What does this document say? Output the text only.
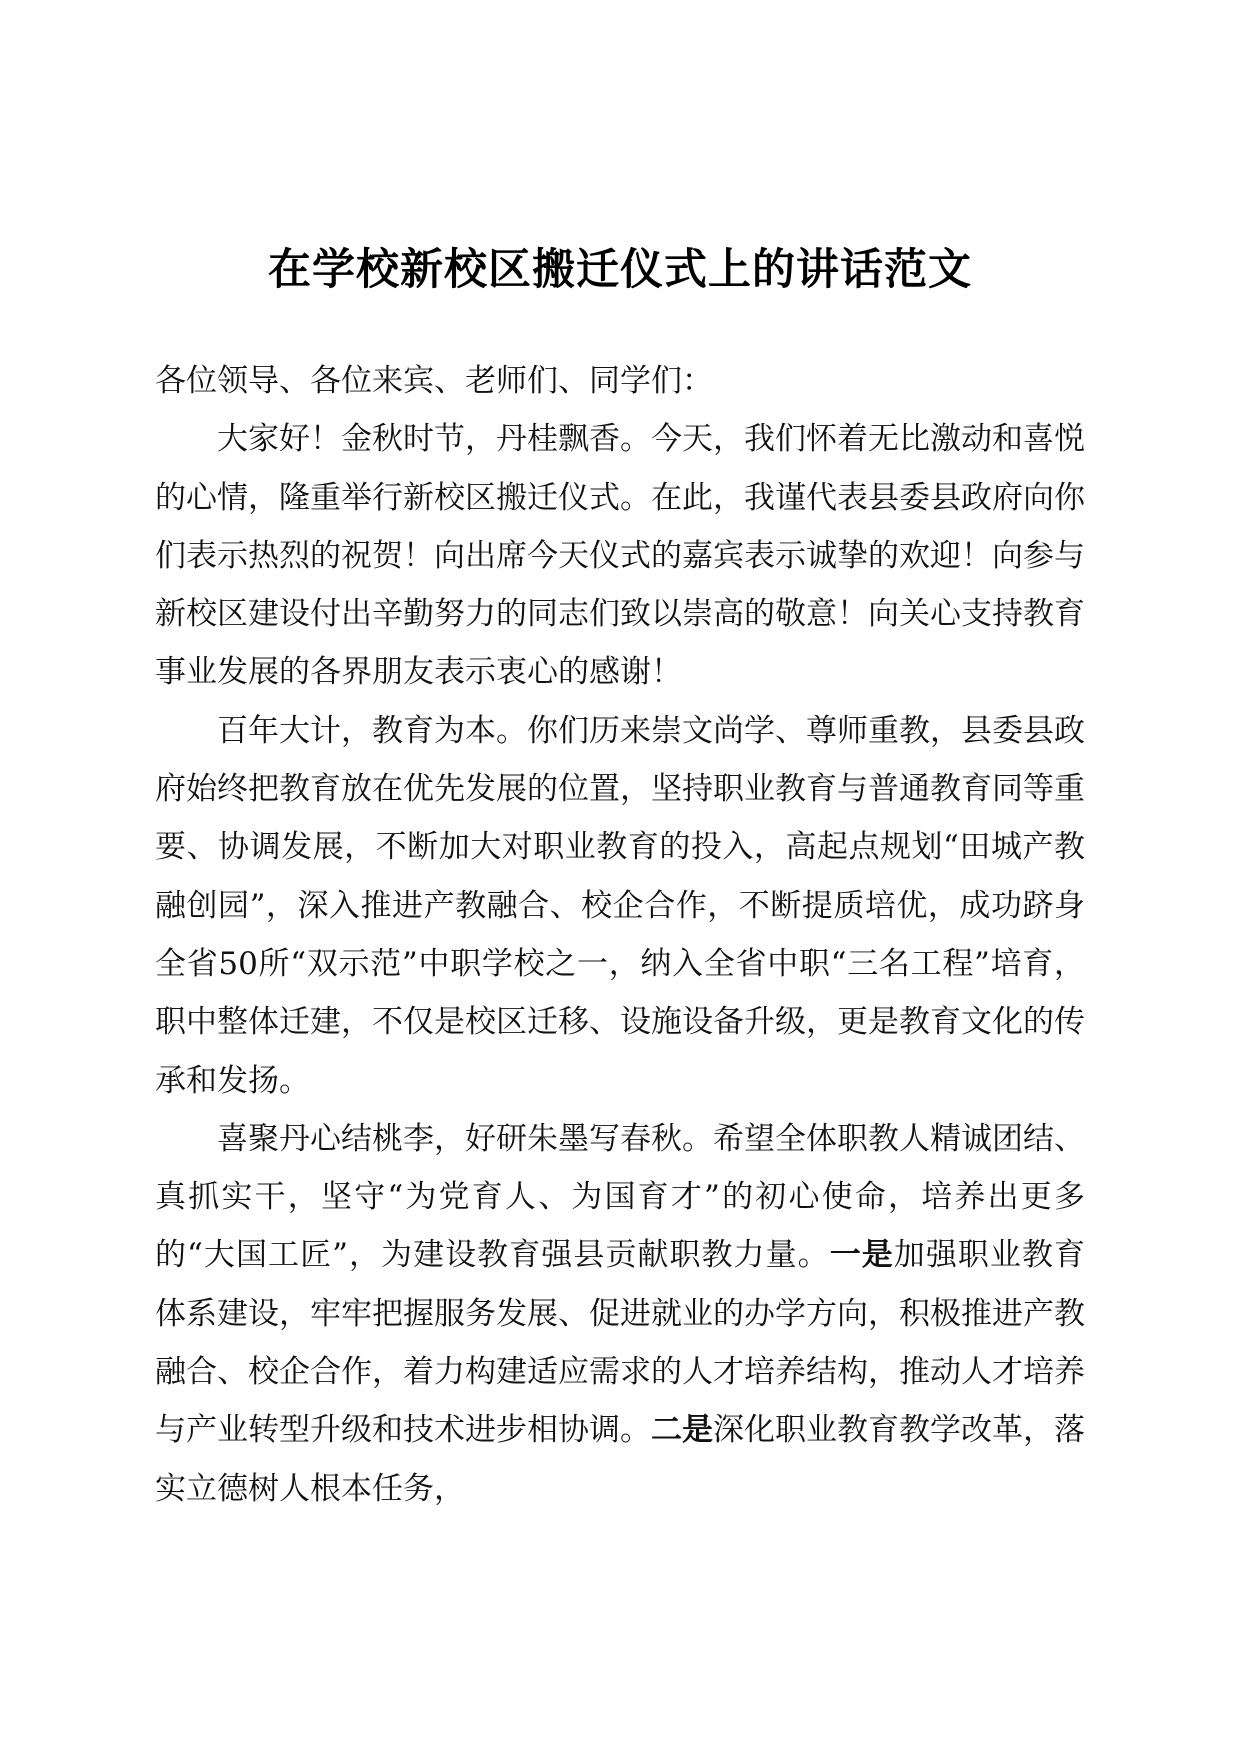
在学校新校区搬迁仪式上的讲话范文

各位领导、各位来宾、老师们、同学们：

大家好！金秋时节，丹桂飘香。今天，我们怀着无比激动和喜悦的心情，隆重举行新校区搬迁仪式。在此，我谨代表县委县政府向你们表示热烈的祝贺！向出席今天仪式的嘉宾表示诚挚的欢迎！向参与新校区建设付出辛勤努力的同志们致以崇高的敬意！向关心支持教育事业发展的各界朋友表示衷心的感谢！

百年大计，教育为本。你们历来崇文尚学、尊师重教，县委县政府始终把教育放在优先发展的位置，坚持职业教育与普通教育同等重要、协调发展，不断加大对职业教育的投入，高起点规划“田城产教融创园”，深入推进产教融合、校企合作，不断提质培优，成功跻身全省50所“双示范”中职学校之一，纳入全省中职“三名工程”培育，职中整体迁建，不仅是校区迁移、设施设备升级，更是教育文化的传承和发扬。

喜聚丹心结桃李，好研朱墨写春秋。希望全体职教人精诚团结、真抓实干，坚守“为党育人、为国育才”的初心使命，培养出更多的“大国工匠”，为建设教育强县贡献职教力量。一是加强职业教育体系建设，牢牢把握服务发展、促进就业的办学方向，积极推进产教融合、校企合作，着力构建适应需求的人才培养结构，推动人才培养与产业转型升级和技术进步相协调。二是深化职业教育教学改革，落实立德树人根本任务，
